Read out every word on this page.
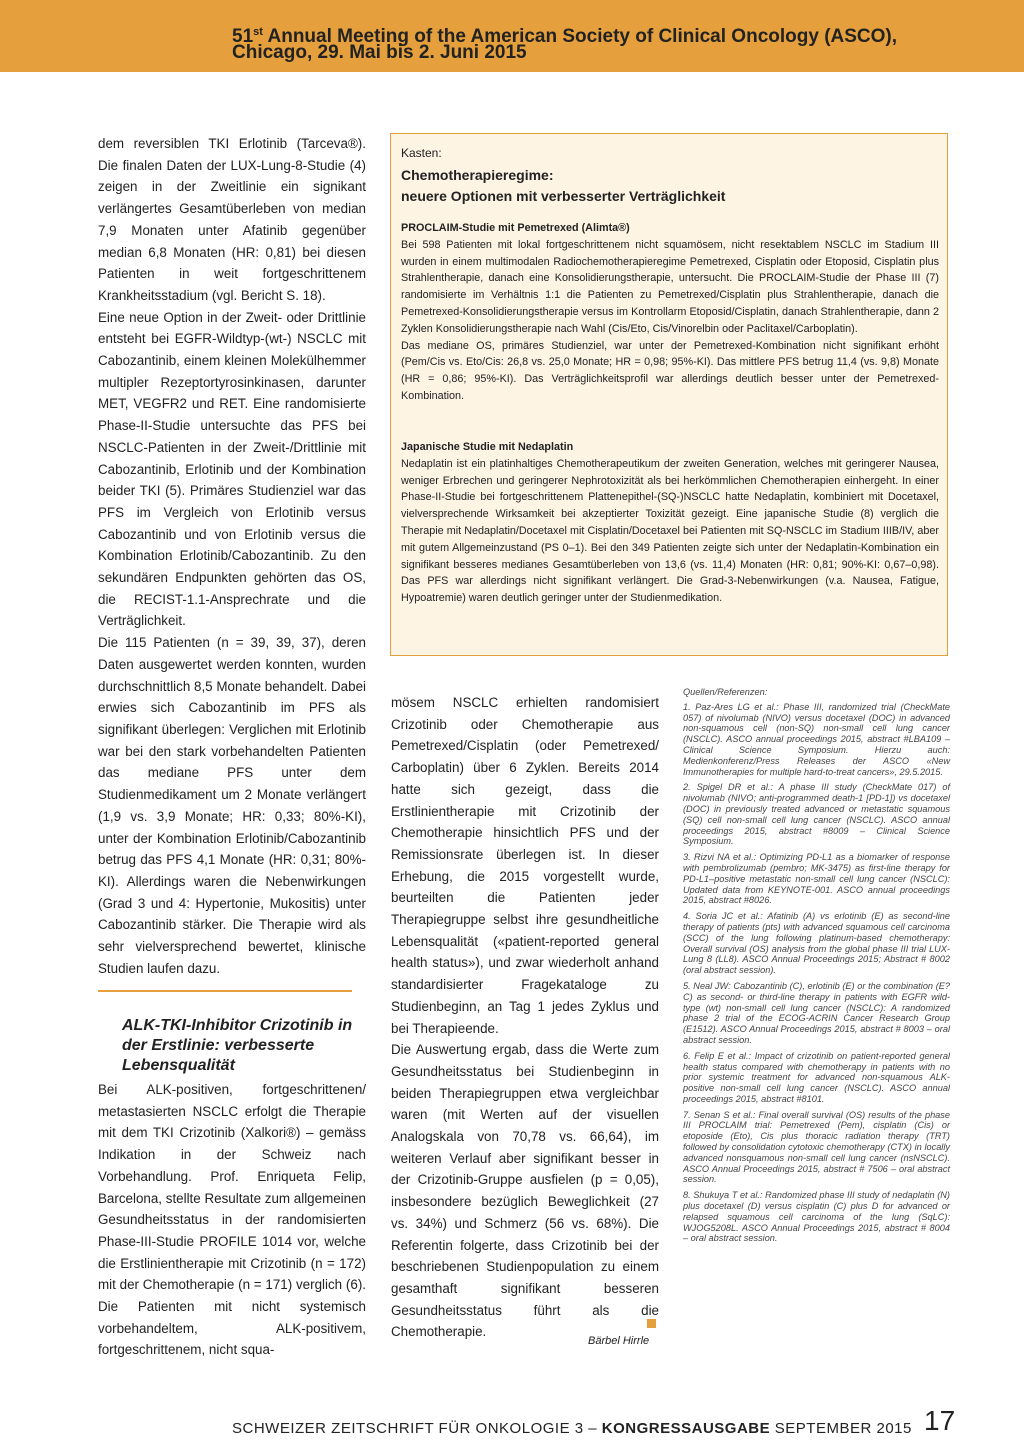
51st Annual Meeting of the American Society of Clinical Oncology (ASCO),
Chicago, 29. Mai bis 2. Juni 2015

dem reversiblen TKI Erlotinib (Tarceva®). Die finalen Daten der LUX-Lung-8-Studie (4) zeigen in der Zweitlinie ein signikant verlängertes Gesamtüberleben von median 7,9 Monaten unter Afatinib gegenüber median 6,8 Monaten (HR: 0,81) bei diesen Patienten in weit fortgeschrittenem Krankheitsstadium (vgl. Bericht S. 18).

Eine neue Option in der Zweit- oder Drittlinie entsteht bei EGFR-Wildtyp-(wt-) NSCLC mit Cabozantinib, einem kleinen Molekülhemmer multipler Rezeptortyrosinkinasen, darunter MET, VEGFR2 und RET. Eine randomisierte Phase-II-Studie untersuchte das PFS bei NSCLC-Patienten in der Zweit-/Drittlinie mit Cabozantinib, Erlotinib und der Kombination beider TKI (5). Primäres Studienziel war das PFS im Vergleich von Erlotinib versus Cabozantinib und von Erlotinib versus die Kombination Erlotinib/Cabozantinib. Zu den sekundären Endpunkten gehörten das OS, die RECIST-1.1-Ansprechrate und die Verträglichkeit.

Die 115 Patienten (n = 39, 39, 37), deren Daten ausgewertet werden konnten, wurden durchschnittlich 8,5 Monate behandelt. Dabei erwies sich Cabozantinib im PFS als signifikant überlegen: Verglichen mit Erlotinib war bei den stark vorbehandelten Patienten das mediane PFS unter dem Studienmedikament um 2 Monate verlängert (1,9 vs. 3,9 Monate; HR: 0,33; 80%-KI), unter der Kombination Erlotinib/Cabozantinib betrug das PFS 4,1 Monate (HR: 0,31; 80%-KI). Allerdings waren die Nebenwirkungen (Grad 3 und 4: Hypertonie, Mukositis) unter Cabozantinib stärker. Die Therapie wird als sehr vielversprechend bewertet, klinische Studien laufen dazu.

ALK-TKI-Inhibitor Crizotinib in der Erstlinie: verbesserte Lebensqualität

Bei ALK-positiven, fortgeschrittenen/ metastasierten NSCLC erfolgt die Therapie mit dem TKI Crizotinib (Xalkori®) – gemäss Indikation in der Schweiz nach Vorbehandlung. Prof. Enriqueta Felip, Barcelona, stellte Resultate zum allgemeinen Gesundheitsstatus in der randomisierten Phase-III-Studie PROFILE 1014 vor, welche die Erstlinientherapie mit Crizotinib (n = 172) mit der Chemotherapie (n = 171) verglich (6). Die Patienten mit nicht systemisch vorbehandeltem, ALK-positivem, fortgeschrittenem, nicht squa-

Kasten:
Chemotherapieregime:
neuere Optionen mit verbesserter Verträglichkeit
PROCLAIM-Studie mit Pemetrexed (Alimta®)
Bei 598 Patienten mit lokal fortgeschrittenem nicht squamösem, nicht resektablem NSCLC im Stadium III wurden in einem multimodalen Radiochemotherapieregime Pemetrexed, Cisplatin oder Etoposid, Cisplatin plus Strahlentherapie, danach eine Konsolidierungstherapie, untersucht. Die PROCLAIM-Studie der Phase III (7) randomisierte im Verhältnis 1:1 die Patienten zu Pemetrexed/Cisplatin plus Strahlentherapie, danach die Pemetrexed-Konsolidierungstherapie versus im Kontrollarm Etoposid/Cisplatin, danach Strahlentherapie, dann 2 Zyklen Konsolidierungstherapie nach Wahl (Cis/Eto, Cis/Vinorelbin oder Paclitaxel/Carboplatin).
Das mediane OS, primäres Studienziel, war unter der Pemetrexed-Kombination nicht signifikant erhöht (Pem/Cis vs. Eto/Cis: 26,8 vs. 25,0 Monate; HR = 0,98; 95%-KI). Das mittlere PFS betrug 11,4 (vs. 9,8) Monate (HR = 0,86; 95%-KI). Das Verträglichkeitsprofil war allerdings deutlich besser unter der Pemetrexed-Kombination.
Japanische Studie mit Nedaplatin
Nedaplatin ist ein platinhaltiges Chemotherapeutikum der zweiten Generation, welches mit geringerer Nausea, weniger Erbrechen und geringerer Nephrotoxizität als bei herkömmlichen Chemotherapien einhergeht. In einer Phase-II-Studie bei fortgeschrittenem Plattenepithel-(SQ-)NSCLC hatte Nedaplatin, kombiniert mit Docetaxel, vielversprechende Wirksamkeit bei akzeptierter Toxizität gezeigt. Eine japanische Studie (8) verglich die Therapie mit Nedaplatin/Docetaxel mit Cisplatin/Docetaxel bei Patienten mit SQ-NSCLC im Stadium IIIB/IV, aber mit gutem Allgemeinzustand (PS 0–1). Bei den 349 Patienten zeigte sich unter der Nedaplatin-Kombination ein signifikant besseres medianes Gesamtüberleben von 13,6 (vs. 11,4) Monaten (HR: 0,81; 90%-KI: 0,67–0,98). Das PFS war allerdings nicht signifikant verlängert. Die Grad-3-Nebenwirkungen (v.a. Nausea, Fatigue, Hypoatremie) waren deutlich geringer unter der Studienmedikation.

mösem NSCLC erhielten randomisiert Crizotinib oder Chemotherapie aus Pemetrexed/Cisplatin (oder Pemetrexed/ Carboplatin) über 6 Zyklen. Bereits 2014 hatte sich gezeigt, dass die Erstlinientherapie mit Crizotinib der Chemotherapie hinsichtlich PFS und der Remissionsrate überlegen ist. In dieser Erhebung, die 2015 vorgestellt wurde, beurteilten die Patienten jeder Therapiegruppe selbst ihre gesundheitliche Lebensqualität («patient-reported general health status»), und zwar wiederholt anhand standardisierter Fragekataloge zu Studienbeginn, an Tag 1 jedes Zyklus und bei Therapieende.

Die Auswertung ergab, dass die Werte zum Gesundheitsstatus bei Studienbeginn in beiden Therapiegruppen etwa vergleichbar waren (mit Werten auf der visuellen Analogskala von 70,78 vs. 66,64), im weiteren Verlauf aber signifikant besser in der Crizotinib-Gruppe ausfielen (p = 0,05), insbesondere bezüglich Beweglichkeit (27 vs. 34%) und Schmerz (56 vs. 68%). Die Referentin folgerte, dass Crizotinib bei der beschriebenen Studienpopulation zu einem gesamthaft signifikant besseren Gesundheitsstatus führt als die Chemotherapie.

Bärbel Hirrle
Quellen/Referenzen:
1. Paz-Ares LG et al.: Phase III, randomized trial (CheckMate 057) of nivolumab (NIVO) versus docetaxel (DOC) in advanced non-squamous cell (non-SQ) non-small cell lung cancer (NSCLC). ASCO annual proceedings 2015, abstract #LBA109 – Clinical Science Symposium. Hierzu auch: Medienkonferenz/Press Releases der ASCO «New Immunotherapies for multiple hard-to-treat cancers», 29.5.2015.
2. Spigel DR et al.: A phase III study (CheckMate 017) of nivolumab (NIVO; anti-programmed death-1 [PD-1]) vs docetaxel (DOC) in previously treated advanced or metastatic squamous (SQ) cell non-small cell lung cancer (NSCLC). ASCO annual proceedings 2015, abstract #8009 – Clinical Science Symposium.
3. Rizvi NA et al.: Optimizing PD-L1 as a biomarker of response with pembrolizumab (pembro; MK-3475) as first-line therapy for PD-L1–positive metastatic non-small cell lung cancer (NSCLC): Updated data from KEYNOTE-001. ASCO annual proceedings 2015, abstract #8026.
4. Soria JC et al.: Afatinib (A) vs erlotinib (E) as second-line therapy of patients (pts) with advanced squamous cell carcinoma (SCC) of the lung following platinum-based chemotherapy: Overall survival (OS) analysis from the global phase III trial LUX-Lung 8 (LL8). ASCO Annual Proceedings 2015; Abstract # 8002 (oral abstract session).
5. Neal JW: Cabozantinib (C), erlotinib (E) or the combination (E?C) as second- or third-line therapy in patients with EGFR wild-type (wt) non-small cell lung cancer (NSCLC): A randomized phase 2 trial of the ECOG-ACRIN Cancer Research Group (E1512). ASCO Annual Proceedings 2015, abstract # 8003 – oral abstract session.
6. Felip E et al.: Impact of crizotinib on patient-reported general health status compared with chemotherapy in patients with no prior systemic treatment for advanced non-squamous ALK-positive non-small cell lung cancer (NSCLC). ASCO annual proceedings 2015, abstract #8101.
7. Senan S et al.: Final overall survival (OS) results of the phase III PROCLAIM trial: Pemetrexed (Pem), cisplatin (Cis) or etoposide (Eto), Cis plus thoracic radiation therapy (TRT) followed by consolidation cytotoxic chemotherapy (CTX) in locally advanced nonsquamous non-small cell lung cancer (nsNSCLC). ASCO Annual Proceedings 2015, abstract # 7506 – oral abstract session.
8. Shukuya T et al.: Randomized phase III study of nedaplatin (N) plus docetaxel (D) versus cisplatin (C) plus D for advanced or relapsed squamous cell carcinoma of the lung (SqLC): WJOG5208L. ASCO Annual Proceedings 2015, abstract # 8004 – oral abstract session.
SCHWEIZER ZEITSCHRIFT FÜR ONKOLOGIE 3 – KONGRESSAUSGABE SEPTEMBER 2015 17
